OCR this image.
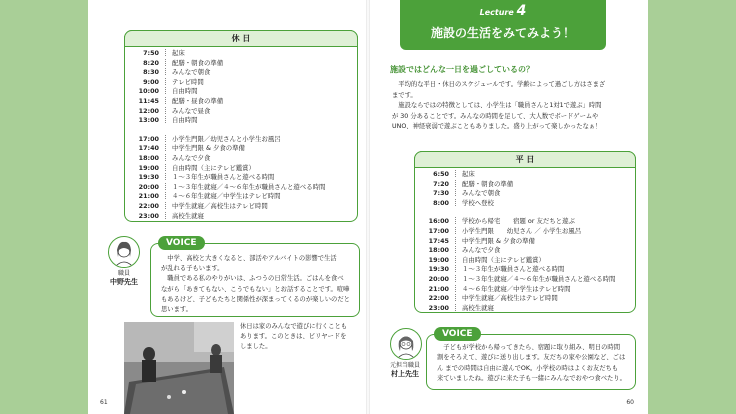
休 日
7:50 起床
8:20 配膳・朝食の準備
8:30 みんなで朝食
9:00 テレビ時間
10:00 自由時間
11:45 配膳・昼食の準備
12:00 みんなで昼食
13:00 自由時間
17:00 小学生門限／幼児さんと小学生お風呂
17:40 中学生門限 & 夕食の準備
18:00 みんなで夕食
19:00 自由時間（主にテレビ鑑賞）
19:30 １～３年生が職員さんと遊べる時間
20:00 １～３年生就寝／４～６年生が職員さんと遊べる時間
21:00 ４～６年生就寝／中学生はテレビ時間
22:00 中学生就寝／高校生はテレビ時間
23:00 高校生就寝
　中学、高校と大きくなると、部活やアルバイトの影響で生活
が乱れる子もいます。
　職員である私のやりがいは、ふつうの日常生活。ごはんを食べ
ながら「あきてもない、こうでもない」とお話することです。喧嘩
もあるけど、子どもたちと関係性が深まってくるのが楽しいのだと
思います。
VOICE
職員
中野先生
休日は家のみんなで遊びに行くことも
あります。このときは、ビリヤードを
しました。
61
Lecture 4
施設の生活をみてみよう！
施設ではどんな一日を過ごしているの？
　平均的な平日・休日のスケジュールです。学齢によって過ごし方はさまざ
まです。
　施設ならではの特徴としては、小学生は「職員さんと1対1で遊ぶ」時間
が 30 分あることです。みんなの時間を足して、大人数でボードゲームや
UNO、神経衰弱で遊ぶこともありました。盛り上がって楽しかったなぁ！
平 日
6:50 起床
7:20 配膳・朝食の準備
7:30 みんなで朝食
8:00 学校へ登校
16:00 学校から帰宅　　宿題 or 友だちと遊ぶ
17:00 小学生門限　　幼児さん ／ 小学生お風呂
17:45 中学生門限 & 夕食の準備
18:00 みんなで夕食
19:00 自由時間（主にテレビ鑑賞）
19:30 １～３年生が職員さんと遊べる時間
20:00 １～３年生就寝／４～６年生が職員さんと遊べる時間
21:00 ４～６年生就寝／中学生はテレビ時間
22:00 中学生就寝／高校生はテレビ時間
23:00 高校生就寝
　子どもが学校から帰ってきたら、宿題に取り組み、明日の時間
割をそろえて、遊びに送り出します。友だちの家や公園など、ごは
ん までの時間は自由に遊んでOK。小学校の時はよくお友だちも
来ていましたね。遊びに来た子も一緒にみんなでおやつ食べたり。
VOICE
元担当職員
村上先生
60
